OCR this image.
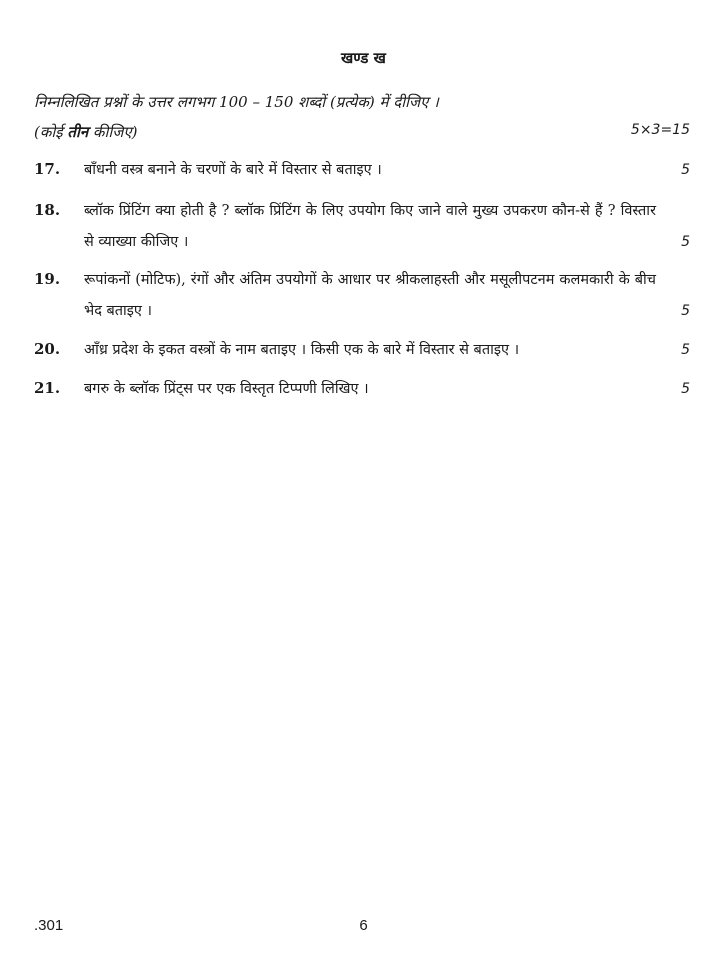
खण्ड ख
निम्नलिखित प्रश्नों के उत्तर लगभग 100 – 150 शब्दों (प्रत्येक) में दीजिए ।
(कोई तीन कीजिए)	5×3=15
17. बाँधनी वस्त्र बनाने के चरणों के बारे में विस्तार से बताइए ।	5
18. ब्लॉक प्रिंटिंग क्या होती है ? ब्लॉक प्रिंटिंग के लिए उपयोग किए जाने वाले मुख्य उपकरण कौन-से हैं ? विस्तार से व्याख्या कीजिए ।	5
19. रूपांकनों (मोटिफ), रंगों और अंतिम उपयोगों के आधार पर श्रीकलाहस्ती और मसूलीपटनम कलमकारी के बीच भेद बताइए ।	5
20. आँध्र प्रदेश के इकत वस्त्रों के नाम बताइए । किसी एक के बारे में विस्तार से बताइए ।	5
21. बगरु के ब्लॉक प्रिंट्स पर एक विस्तृत टिप्पणी लिखिए ।	5
.301	6
